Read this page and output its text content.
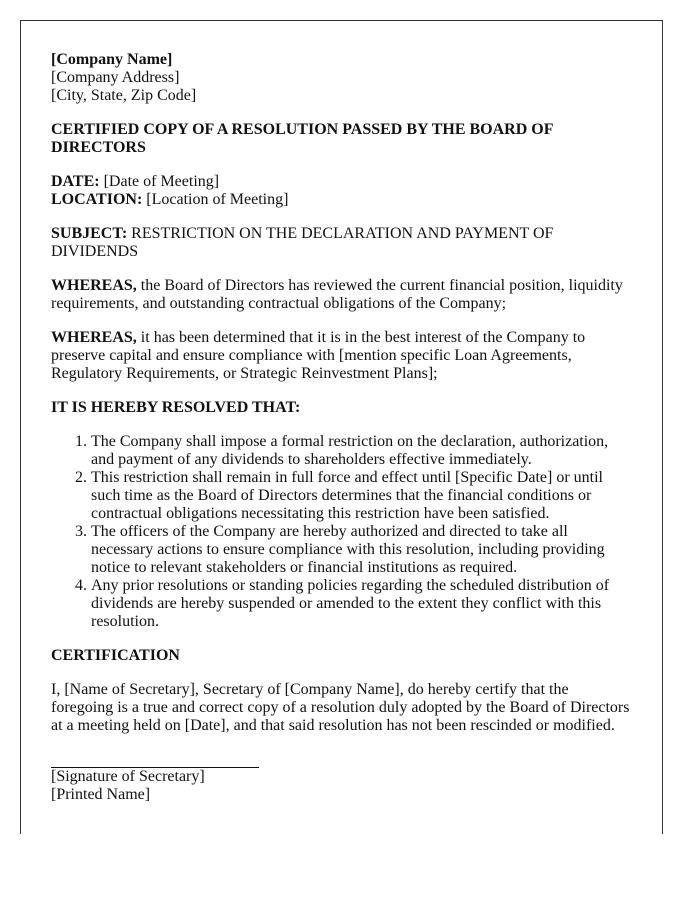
[Company Name]
[Company Address]
[City, State, Zip Code]
CERTIFIED COPY OF A RESOLUTION PASSED BY THE BOARD OF DIRECTORS

DATE: [Date of Meeting]
LOCATION: [Location of Meeting]

SUBJECT: RESTRICTION ON THE DECLARATION AND PAYMENT OF DIVIDENDS

WHEREAS, the Board of Directors has reviewed the current financial position, liquidity requirements, and outstanding contractual obligations of the Company;

WHEREAS, it has been determined that it is in the best interest of the Company to preserve capital and ensure compliance with [mention specific Loan Agreements, Regulatory Requirements, or Strategic Reinvestment Plans];

IT IS HEREBY RESOLVED THAT:
1. The Company shall impose a formal restriction on the declaration, authorization, and payment of any dividends to shareholders effective immediately.
2. This restriction shall remain in full force and effect until [Specific Date] or until such time as the Board of Directors determines that the financial conditions or contractual obligations necessitating this restriction have been satisfied.
3. The officers of the Company are hereby authorized and directed to take all necessary actions to ensure compliance with this resolution, including providing notice to relevant stakeholders or financial institutions as required.
4. Any prior resolutions or standing policies regarding the scheduled distribution of dividends are hereby suspended or amended to the extent they conflict with this resolution.
CERTIFICATION

I, [Name of Secretary], Secretary of [Company Name], do hereby certify that the foregoing is a true and correct copy of a resolution duly adopted by the Board of Directors at a meeting held on [Date], and that said resolution has not been rescinded or modified.

[Signature of Secretary]
[Printed Name]
